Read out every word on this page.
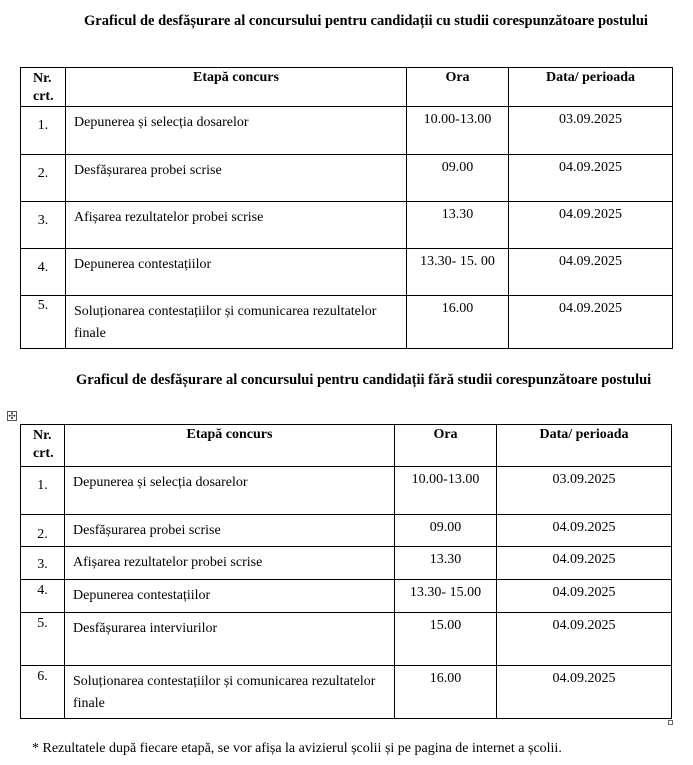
Graficul de desfășurare al concursului pentru candidații cu studii corespunzătoare postului
Nr. crt.	Etapă concurs	Ora	Data/ perioada

1.	Depunerea și selecția dosarelor	10.00-13.00	03.09.2025

2.	Desfășurarea probei scrise	09.00	04.09.2025

3.	Afișarea rezultatelor probei scrise	13.30	04.09.2025

4.	Depunerea contestațiilor	13.30- 15. 00	04.09.2025

5.	Soluționarea contestațiilor și comunicarea rezultatelor finale	16.00	04.09.2025
Graficul de desfășurare al concursului pentru candidații fără studii corespunzătoare postului
✣
Nr. crt.	Etapă concurs	Ora	Data/ perioada

1.	Depunerea și selecția dosarelor	10.00-13.00	03.09.2025

2.	Desfășurarea probei scrise	09.00	04.09.2025

3.	Afișarea rezultatelor probei scrise	13.30	04.09.2025

4.	Depunerea contestațiilor	13.30- 15.00	04.09.2025

5.	Desfășurarea interviurilor	15.00	04.09.2025

6.	Soluționarea contestațiilor și comunicarea rezultatelor finale	16.00	04.09.2025
* Rezultatele după fiecare etapă, se vor afișa la avizierul școlii și pe pagina de internet a școlii.
